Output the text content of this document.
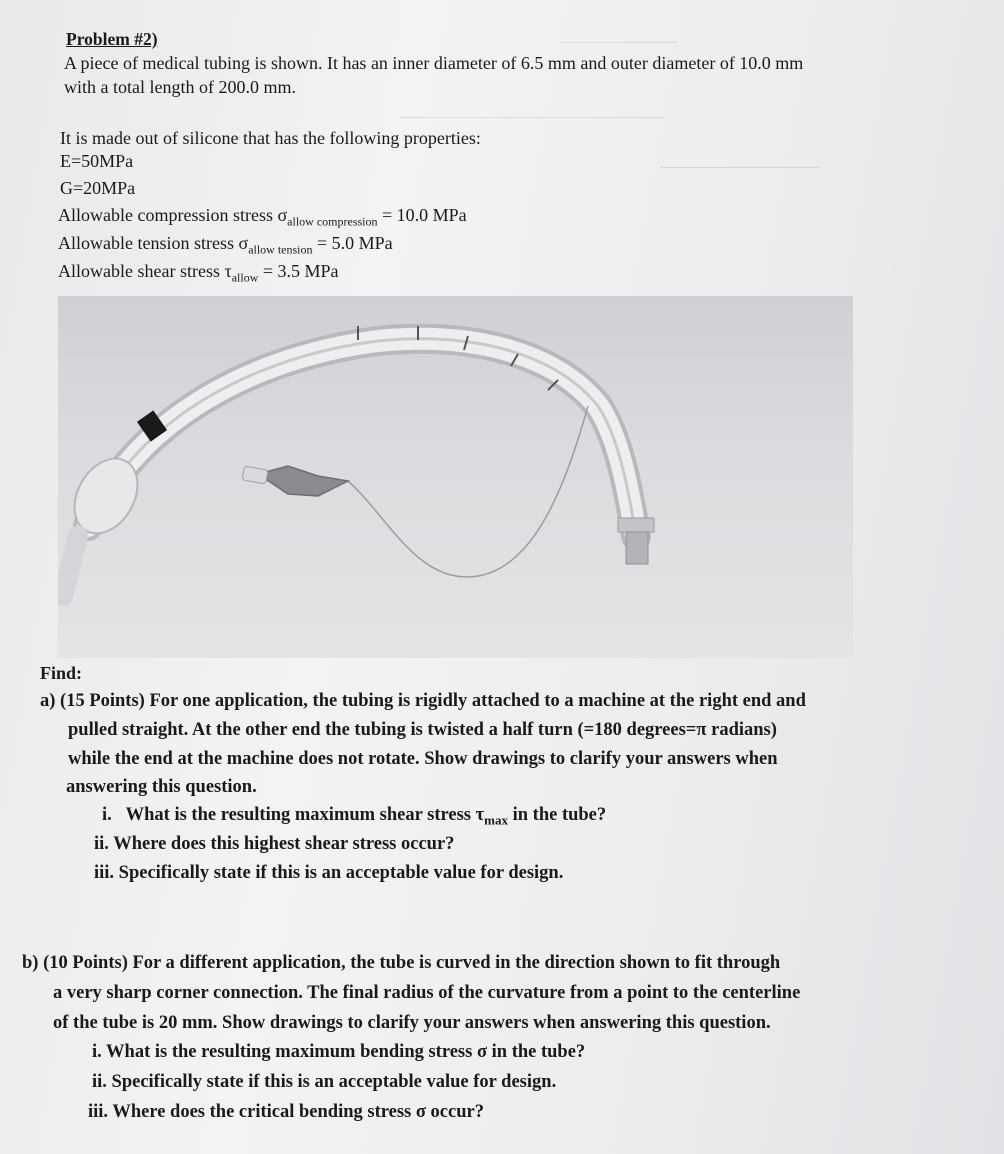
───────────
─────────────────────────
───────────────
Problem #2)
A piece of medical tubing is shown. It has an inner diameter of 6.5 mm and outer diameter of 10.0 mm
with a total length of 200.0 mm.
It is made out of silicone that has the following properties:
E=50MPa
G=20MPa
Allowable compression stress $\sigma_{allow compression} = 10.0$ MPa
Allowable tension stress $\sigma_{allow tension} = 5.0$ MPa
Allowable shear stress $\tau_{allow} = 3.5$ MPa
Find:
a) (15 Points) For one application, the tubing is rigidly attached to a machine at the right end and
pulled straight. At the other end the tubing is twisted a half turn (=180 degrees=π radians)
while the end at the machine does not rotate. Show drawings to clarify your answers when
answering this question.
i. What is the resulting maximum shear stress $\tau_{max}$ in the tube?
ii. Where does this highest shear stress occur?
iii. Specifically state if this is an acceptable value for design.
b) (10 Points) For a different application, the tube is curved in the direction shown to fit through
a very sharp corner connection. The final radius of the curvature from a point to the centerline
of the tube is 20 mm. Show drawings to clarify your answers when answering this question.
i. What is the resulting maximum bending stress σ in the tube?
ii. Specifically state if this is an acceptable value for design.
iii. Where does the critical bending stress σ occur?
